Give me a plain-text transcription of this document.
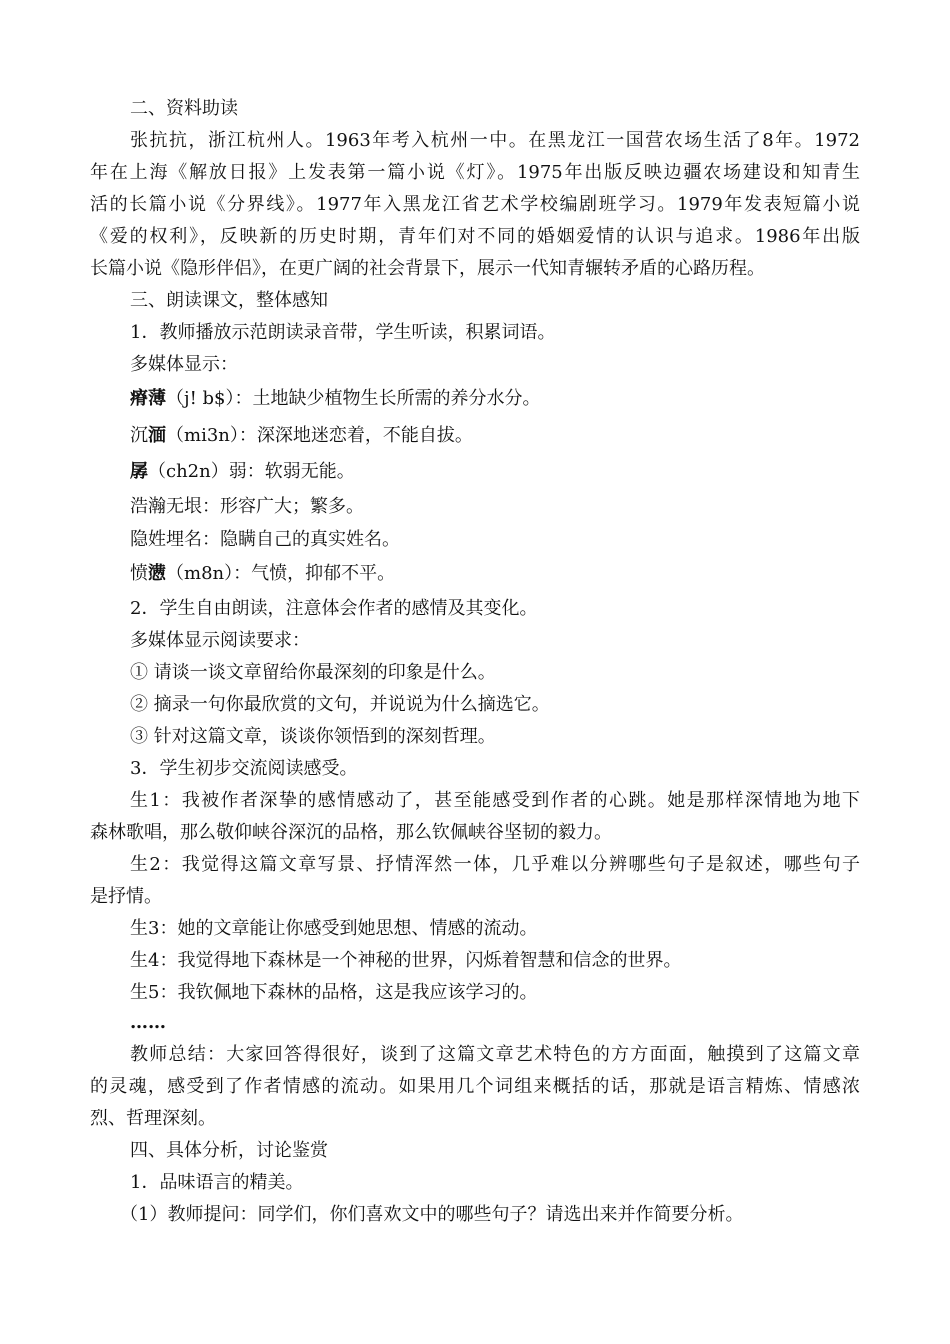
二、资料助读
张抗抗，浙江杭州人。1963年考入杭州一中。在黑龙江一国营农场生活了8年。1972
年在上海《解放日报》上发表第一篇小说《灯》。1975年出版反映边疆农场建设和知青生
活的长篇小说《分界线》。1977年入黑龙江省艺术学校编剧班学习。1979年发表短篇小说
《爱的权利》，反映新的历史时期，青年们对不同的婚姻爱情的认识与追求。1986年出版
长篇小说《隐形伴侣》，在更广阔的社会背景下，展示一代知青辗转矛盾的心路历程。
三、朗读课文，整体感知
1．教师播放示范朗读录音带，学生听读，积累词语。
多媒体显示：
瘠薄（j! b$）：土地缺少植物生长所需的养分水分。
沉湎（mi3n）：深深地迷恋着，不能自拔。
孱（ch2n）弱：软弱无能。
浩瀚无垠：形容广大；繁多。
隐姓埋名：隐瞒自己的真实姓名。
愤懑（m8n）：气愤，抑郁不平。
2．学生自由朗读，注意体会作者的感情及其变化。
多媒体显示阅读要求：
① 请谈一谈文章留给你最深刻的印象是什么。
② 摘录一句你最欣赏的文句，并说说为什么摘选它。
③ 针对这篇文章，谈谈你领悟到的深刻哲理。
3．学生初步交流阅读感受。
生1：我被作者深挚的感情感动了，甚至能感受到作者的心跳。她是那样深情地为地下
森林歌唱，那么敬仰峡谷深沉的品格，那么钦佩峡谷坚韧的毅力。
生2：我觉得这篇文章写景、抒情浑然一体，几乎难以分辨哪些句子是叙述，哪些句子
是抒情。
生3：她的文章能让你感受到她思想、情感的流动。
生4：我觉得地下森林是一个神秘的世界，闪烁着智慧和信念的世界。
生5：我钦佩地下森林的品格，这是我应该学习的。
……
教师总结：大家回答得很好，谈到了这篇文章艺术特色的方方面面，触摸到了这篇文章
的灵魂，感受到了作者情感的流动。如果用几个词组来概括的话，那就是语言精炼、情感浓
烈、哲理深刻。
四、具体分析，讨论鉴赏
1．品味语言的精美。
（1）教师提问：同学们，你们喜欢文中的哪些句子？请选出来并作简要分析。
